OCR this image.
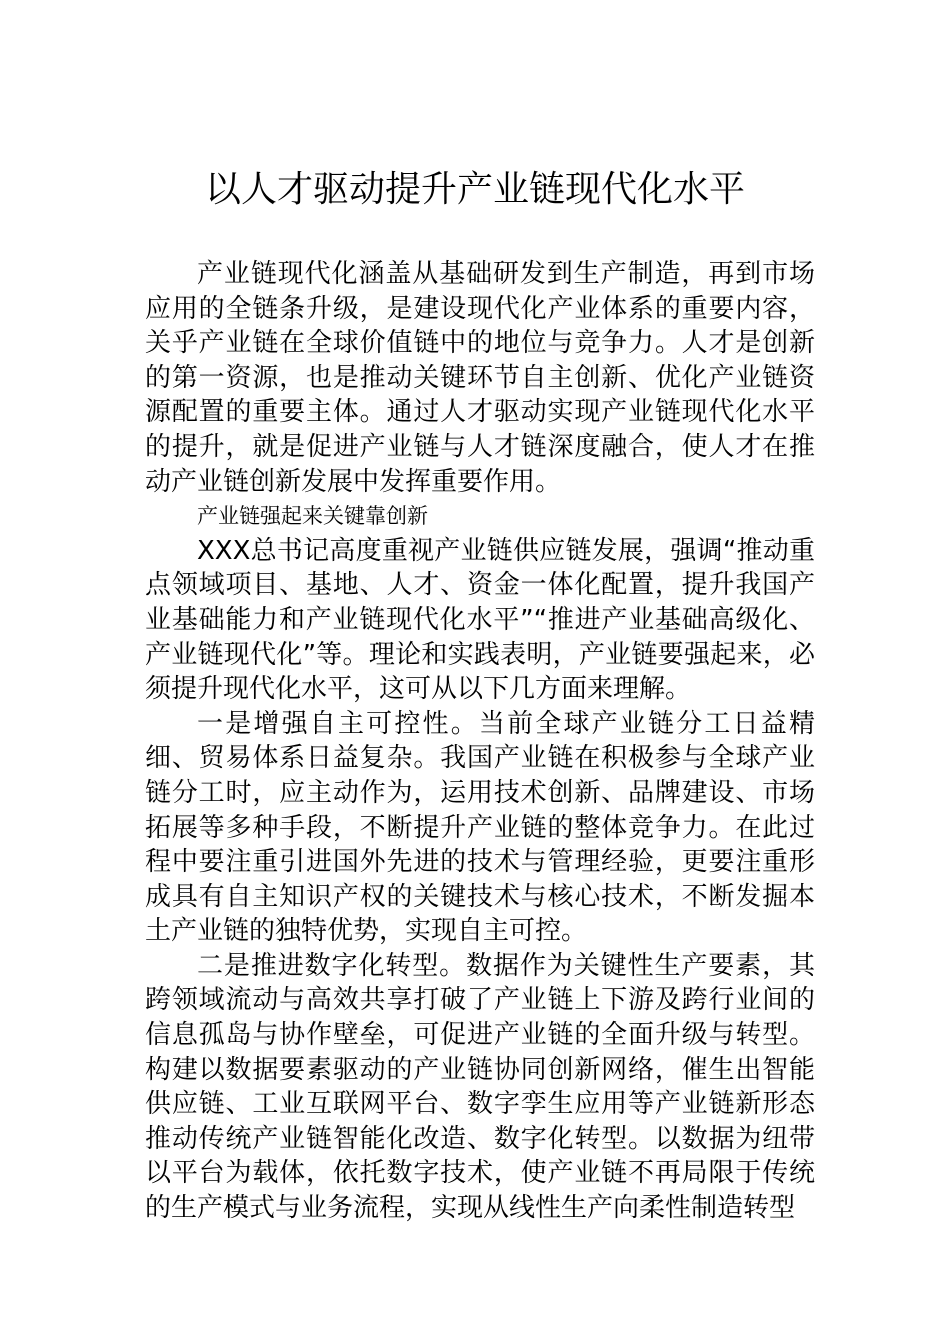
以人才驱动提升产业链现代化水平

产业链现代化涵盖从基础研发到生产制造，再到市场应用的全链条升级，是建设现代化产业体系的重要内容，关乎产业链在全球价值链中的地位与竞争力。人才是创新的第一资源，也是推动关键环节自主创新、优化产业链资源配置的重要主体。通过人才驱动实现产业链现代化水平的提升，就是促进产业链与人才链深度融合，使人才在推动产业链创新发展中发挥重要作用。

产业链强起来关键靠创新

XXX总书记高度重视产业链供应链发展，强调“推动重点领域项目、基地、人才、资金一体化配置，提升我国产业基础能力和产业链现代化水平”“推进产业基础高级化、产业链现代化”等。理论和实践表明，产业链要强起来，必须提升现代化水平，这可从以下几方面来理解。

一是增强自主可控性。当前全球产业链分工日益精细、贸易体系日益复杂。我国产业链在积极参与全球产业链分工时，应主动作为，运用技术创新、品牌建设、市场拓展等多种手段，不断提升产业链的整体竞争力。在此过程中要注重引进国外先进的技术与管理经验，更要注重形成具有自主知识产权的关键技术与核心技术，不断发掘本土产业链的独特优势，实现自主可控。

二是推进数字化转型。数据作为关键性生产要素，其跨领域流动与高效共享打破了产业链上下游及跨行业间的信息孤岛与协作壁垒，可促进产业链的全面升级与转型。构建以数据要素驱动的产业链协同创新网络，催生出智能供应链、工业互联网平台、数字孪生应用等产业链新形态推动传统产业链智能化改造、数字化转型。以数据为纽带以平台为载体，依托数字技术，使产业链不再局限于传统的生产模式与业务流程，实现从线性生产向柔性制造转型
